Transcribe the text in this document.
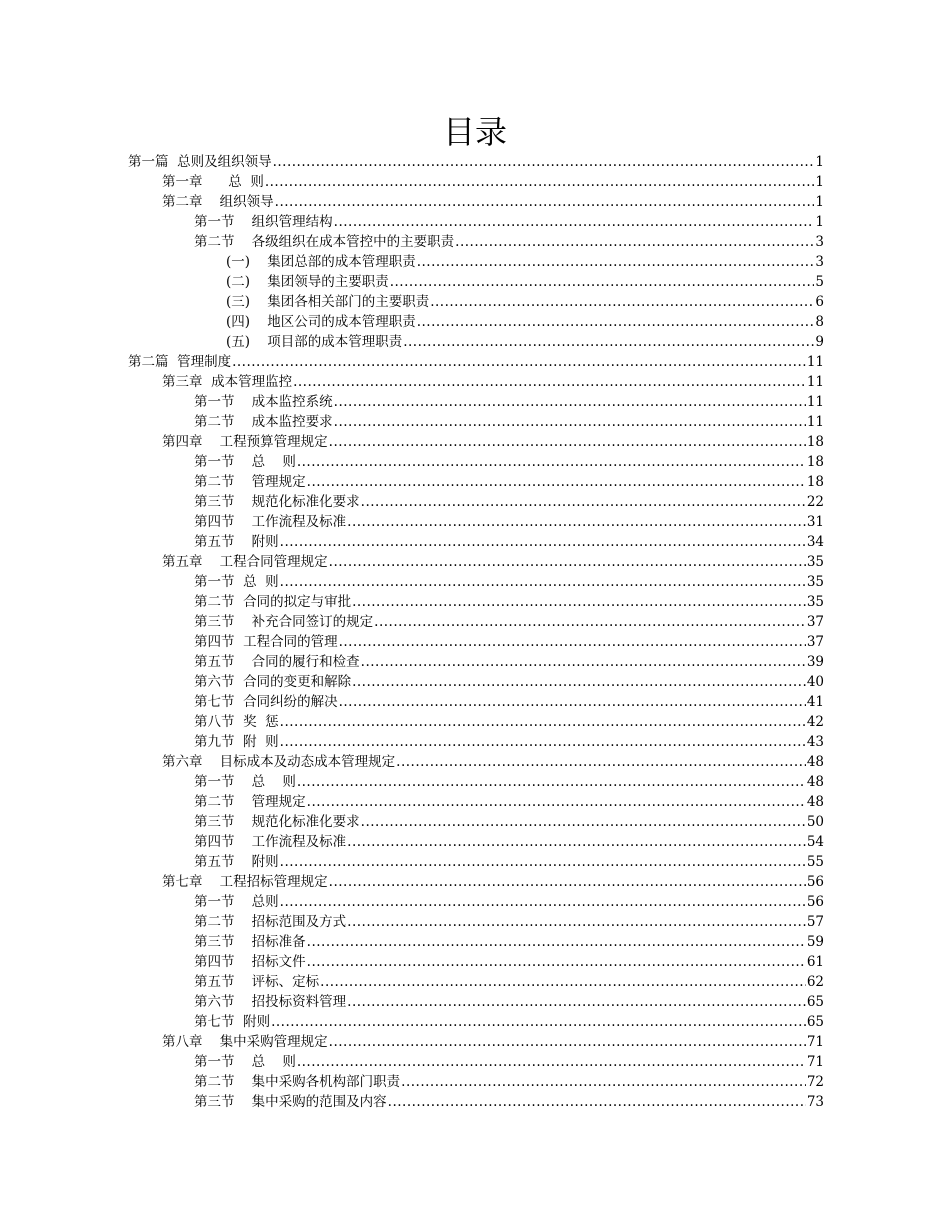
目录
第一篇  总则及组织领导 .....	1
第一章      总  则 .....	1
第二章    组织领导 .....	1
第一节    组织管理结构 .....	1
第二节    各级组织在成本管控中的主要职责 .....	3
(一)    集团总部的成本管理职责 .....	3
(二)    集团领导的主要职责 .....	5
(三)    集团各相关部门的主要职责 .....	6
(四)    地区公司的成本管理职责 .....	8
(五)    项目部的成本管理职责 .....	9
第二篇  管理制度 .....	11
第三章  成本管理监控 .....	11
第一节    成本监控系统 .....	11
第二节    成本监控要求 .....	11
第四章    工程预算管理规定 .....	18
第一节    总    则 .....	18
第二节    管理规定 .....	18
第三节    规范化标准化要求 .....	22
第四节    工作流程及标准 .....	31
第五节    附则 .....	34
第五章    工程合同管理规定 .....	35
第一节  总  则 .....	35
第二节  合同的拟定与审批 .....	35
第三节    补充合同签订的规定 .....	37
第四节  工程合同的管理 .....	37
第五节    合同的履行和检查 .....	39
第六节  合同的变更和解除 .....	40
第七节  合同纠纷的解决 .....	41
第八节  奖  惩 .....	42
第九节  附  则 .....	43
第六章    目标成本及动态成本管理规定 .....	48
第一节    总    则 .....	48
第二节    管理规定 .....	48
第三节    规范化标准化要求 .....	50
第四节    工作流程及标准 .....	54
第五节    附则 .....	55
第七章    工程招标管理规定 .....	56
第一节    总则 .....	56
第二节    招标范围及方式 .....	57
第三节    招标准备 .....	59
第四节    招标文件 .....	61
第五节    评标、定标 .....	62
第六节    招投标资料管理 .....	65
第七节  附则 .....	65
第八章    集中采购管理规定 .....	71
第一节    总    则 .....	71
第二节    集中采购各机构部门职责 .....	72
第三节    集中采购的范围及内容 .....	73
